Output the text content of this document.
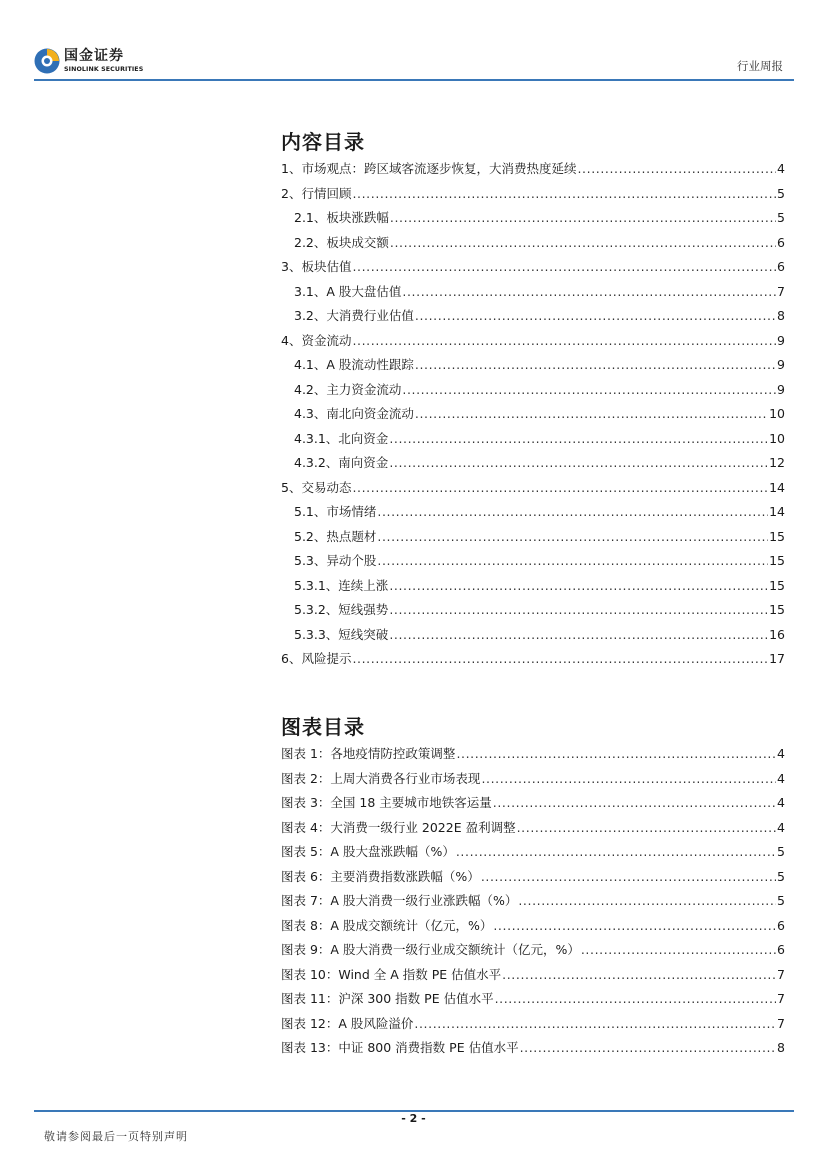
国金证券
SINOLINK SECURITIES	行业周报
内容目录
1、市场观点：跨区域客流逐步恢复，大消费热度延续 .....	4
2、行情回顾 .....	5
2.1、板块涨跌幅 .....	5
2.2、板块成交额 .....	6
3、板块估值 .....	6
3.1、A 股大盘估值 .....	7
3.2、大消费行业估值 .....	8
4、资金流动 .....	9
4.1、A 股流动性跟踪 .....	9
4.2、主力资金流动 .....	9
4.3、南北向资金流动 .....	10
4.3.1、北向资金 .....	10
4.3.2、南向资金 .....	12
5、交易动态 .....	14
5.1、市场情绪 .....	14
5.2、热点题材 .....	15
5.3、异动个股 .....	15
5.3.1、连续上涨 .....	15
5.3.2、短线强势 .....	15
5.3.3、短线突破 .....	16
6、风险提示 .....	17
图表目录
图表 1：各地疫情防控政策调整 .....	4
图表 2：上周大消费各行业市场表现 .....	4
图表 3：全国 18 主要城市地铁客运量 .....	4
图表 4：大消费一级行业 2022E 盈利调整 .....	4
图表 5：A 股大盘涨跌幅（%） .....	5
图表 6：主要消费指数涨跌幅（%） .....	5
图表 7：A 股大消费一级行业涨跌幅（%） .....	5
图表 8：A 股成交额统计（亿元，%） .....	6
图表 9：A 股大消费一级行业成交额统计（亿元，%） .....	6
图表 10：Wind 全 A 指数 PE 估值水平 .....	7
图表 11：沪深 300 指数 PE 估值水平 .....	7
图表 12：A 股风险溢价 .....	7
图表 13：中证 800 消费指数 PE 估值水平 .....	8
- 2 -
敬请参阅最后一页特别声明
